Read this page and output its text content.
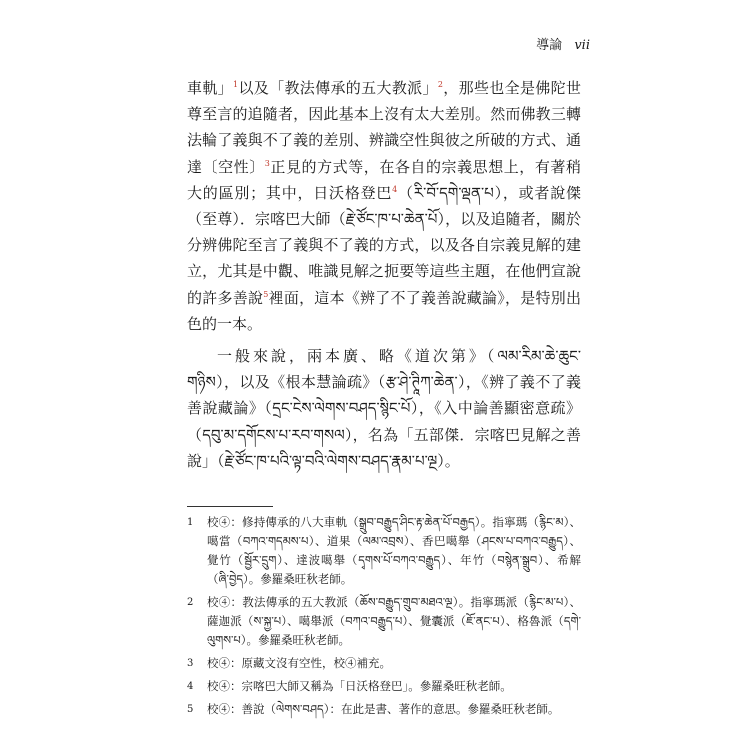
導論 vii

車軌」$^1$以及「教法傳承的五大教派」$^2$，那些也全是佛陀世尊至言的追隨者，因此基本上沒有太大差別。然而佛教三轉法輪了義與不了義的差別、辨識空性與彼之所破的方式、通達〔空性〕$^3$正見的方式等，在各自的宗義思想上，有著稍大的區別；其中，日沃格登巴$^4$（རི་བོ་དགེ་ལྡན་པ），或者說傑（至尊）．宗喀巴大師（རྗེ་ཙོང་ཁ་པ་ཆེན་པོ），以及追隨者，關於分辨佛陀至言了義與不了義的方式，以及各自宗義見解的建立，尤其是中觀、唯識見解之扼要等這些主題，在他們宣說的許多善說$^5$裡面，這本《辨了不了義善說藏論》，是特別出色的一本。

一般來說，兩本廣、略《道次第》（ལམ་རིམ་ཆེ་ཆུང་གཉིས），以及《根本慧論疏》（རྩ་ཤེ་ཊཱིཀ་ཆེན་），《辨了義不了義善說藏論》（དྲང་ངེས་ལེགས་བཤད་སྙིང་པོ），《入中論善顯密意疏》（དབུ་མ་དགོངས་པ་རབ་གསལ），名為「五部傑．宗喀巴見解之善說」（རྗེ་ཙོང་ཁ་པའི་ལྟ་བའི་ལེགས་བཤད་རྣམ་པ་ལྔ）。

1	校④：修持傳承的八大車軌（སྒྲུབ་བརྒྱུད་ཤིང་རྟ་ཆེན་པོ་བརྒྱད）。指寧瑪（རྙིང་མ）、噶當（བཀའ་གདམས་པ）、道果（ལམ་འབྲས）、香巴噶舉（ཤངས་པ་བཀའ་བརྒྱུད）、覺竹（སྦྱོར་དྲུག）、達波噶舉（དྭགས་པོ་བཀའ་བརྒྱུད）、年竹（བསྙེན་སྒྲུབ）、希解（ཞི་བྱེད）。參羅桑旺秋老師。
2	校④：教法傳承的五大教派（ཆོས་བརྒྱུད་གྲུབ་མཐའ་ལྔ）。指寧瑪派（རྙིང་མ་པ）、薩迦派（ས་སྐྱ་པ）、噶舉派（བཀའ་བརྒྱུད་པ）、覺囊派（ཇོ་ནང་པ）、格魯派（དགེ་ལུགས་པ）。參羅桑旺秋老師。
3	校④：原藏文沒有空性，校④補充。
4	校④：宗喀巴大師又稱為「日沃格登巴」。參羅桑旺秋老師。
5	校④：善說（ལེགས་བཤད）：在此是書、著作的意思。參羅桑旺秋老師。
